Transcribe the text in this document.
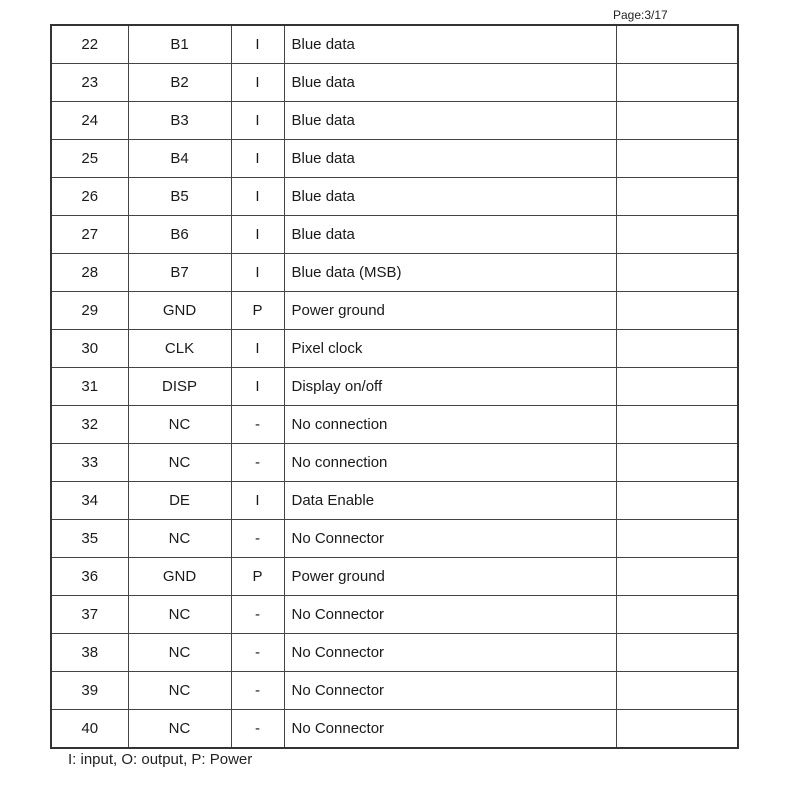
Page:3/17
22	B1	I	Blue data	
23	B2	I	Blue data	
24	B3	I	Blue data	
25	B4	I	Blue data	
26	B5	I	Blue data	
27	B6	I	Blue data	
28	B7	I	Blue data (MSB)	
29	GND	P	Power ground	
30	CLK	I	Pixel clock	
31	DISP	I	Display on/off	
32	NC	-	No connection	
33	NC	-	No connection	
34	DE	I	Data Enable	
35	NC	-	No Connector	
36	GND	P	Power ground	
37	NC	-	No Connector	
38	NC	-	No Connector	
39	NC	-	No Connector	
40	NC	-	No Connector	
I: input, O: output, P: Power
